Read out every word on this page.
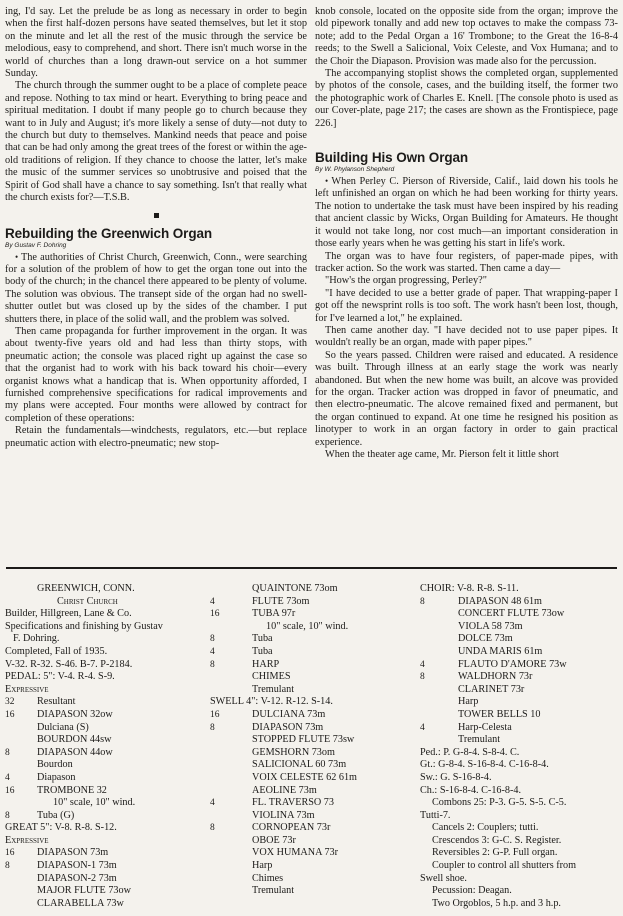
ing, I'd say. Let the prelude be as long as necessary in order to begin when the first half-dozen persons have seated themselves, but let it stop on the minute and let all the rest of the music through the service be melodious, easy to comprehend, and short. There isn't much worse in the world of churches than a long drawn-out service on a hot summer Sunday.

The church through the summer ought to be a place of complete peace and repose. Nothing to tax mind or heart. Everything to bring peace and spiritual meditation. I doubt if many people go to church because they want to in July and August; it's more likely a sense of duty—not duty to the church but duty to themselves. Mankind needs that peace and poise that can be had only among the great trees of the forest or within the age-old traditions of religion. If they chance to choose the latter, let's make the music of the summer services so unobtrusive and poised that the Spirit of God shall have a chance to say something. Isn't that really what the church exists for?—T.S.B.

Rebuilding the Greenwich Organ
By Gustav F. Dohring

• The authorities of Christ Church, Greenwich, Conn., were searching for a solution of the problem of how to get the organ tone out into the body of the church; in the chancel there appeared to be plenty of volume. The solution was obvious. The transept side of the organ had no swell-shutter outlet but was closed up by the sides of the chamber. I put shutters there, in place of the solid wall, and the problem was solved.

Then came propaganda for further improvement in the organ. It was about twenty-five years old and had less than thirty stops, with pneumatic action; the console was placed right up against the case so that the organist had to work with his back toward his choir—every organist knows what a handicap that is. When opportunity afforded, I furnished comprehensive specifications for radical improvements and my plans were accepted. Four months were allowed by contract for completion of these operations:

Retain the fundamentals—windchests, regulators, etc.—but replace pneumatic action with electro-pneumatic; new stop-

knob console, located on the opposite side from the organ; improve the old pipework tonally and add new top octaves to make the compass 73-note; add to the Pedal Organ a 16' Trombone; to the Great the 16-8-4 reeds; to the Swell a Salicional, Voix Celeste, and Vox Humana; and to the Choir the Diapason. Provision was made also for the percussion.

The accompanying stoplist shows the completed organ, supplemented by photos of the console, cases, and the building itself, the former two the photographic work of Charles E. Knell. [The console photo is used as our Cover-plate, page 217; the cases are shown as the Frontispiece, page 226.]

Building His Own Organ
By W. Phylanson Shepherd

• When Perley C. Pierson of Riverside, Calif., laid down his tools he left unfinished an organ on which he had been working for thirty years. The notion to undertake the task must have been inspired by his reading that ancient classic by Wicks, Organ Building for Amateurs. He thought it would not take long, nor cost much—an important consideration in those early years when he was getting his start in life's work.

The organ was to have four registers, of paper-made pipes, with tracker action. So the work was started. Then came a day—

"How's the organ progressing, Perley?"

"I have decided to use a better grade of paper. That wrapping-paper I got off the newsprint rolls is too soft. The work hasn't been lost, though, for I've learned a lot," he explained.

Then came another day. "I have decided not to use paper pipes. It wouldn't really be an organ, made with paper pipes."

So the years passed. Children were raised and educated. A residence was built. Through illness at an early stage the work was nearly abandoned. But when the new home was built, an alcove was provided for the organ. Tracker action was dropped in favor of pneumatic, and then electro-pneumatic. The alcove remained fixed and permanent, but the organ continued to expand. At one time he resigned his position as linotyper to work in an organ factory in order to gain practical experience.

When the theater age came, Mr. Pierson felt it little short

GREENWICH, CONN.
Christ Church
Builder, Hillgreen, Lane & Co.
Specifications and finishing by Gustav
F. Dohring.
Completed, Fall of 1935.
V-32. R-32. S-46. B-7. P-2184.
PEDAL: 5": V-4. R-4. S-9.
Expressive
32 Resultant
16 DIAPASON 32ow
Dulciana (S)
BOURDON 44sw
8	DIAPASON 44ow
Bourdon
4	Diapason
16 TROMBONE 32
10" scale, 10" wind.
8	Tuba (G)
GREAT 5": V-8. R-8. S-12.
Expressive
16 DIAPASON 73m
8	DIAPASON-1 73m
DIAPASON-2 73m
MAJOR FLUTE 73ow
CLARABELLA 73w
QUAINTONE 73om
4	FLUTE 73om
16	TUBA 97r
10" scale, 10" wind.
8	Tuba
4	Tuba
8	HARP
CHIMES
Tremulant
SWELL 4": V-12. R-12. S-14.
16	DULCIANA 73m
8	DIAPASON 73m
STOPPED FLUTE 73sw
GEMSHORN 73om
SALICIONAL 60 73m
VOIX CELESTE 62 61m
AEOLINE 73m
4	FL. TRAVERSO 73
VIOLINA 73m
8	CORNOPEAN 73r
OBOE 73r
VOX HUMANA 73r
Harp
Chimes
Tremulant
CHOIR: V-8. R-8. S-11.
8	DIAPASON 48 61m
CONCERT FLUTE 73ow
VIOLA 58 73m
DOLCE 73m
UNDA MARIS 61m
4	FLAUTO D'AMORE 73w
8	WALDHORN 73r
CLARINET 73r
Harp
TOWER BELLS 10
4	Harp-Celesta
Tremulant
Ped.: P. G-8-4. S-8-4. C.
Gt.: G-8-4. S-16-8-4. C-16-8-4.
Sw.: G. S-16-8-4.
Ch.: S-16-8-4. C-16-8-4.
Combons 25: P-3. G-5. S-5. C-5.
Tutti-7.
Cancels 2: Couplers; tutti.
Crescendos 3: G-C. S. Register.
Reversibles 2: G-P. Full organ.
Coupler to control all shutters from
Swell shoe.
Pecussion: Deagan.
Two Orgoblos, 5 h.p. and 3 h.p.
